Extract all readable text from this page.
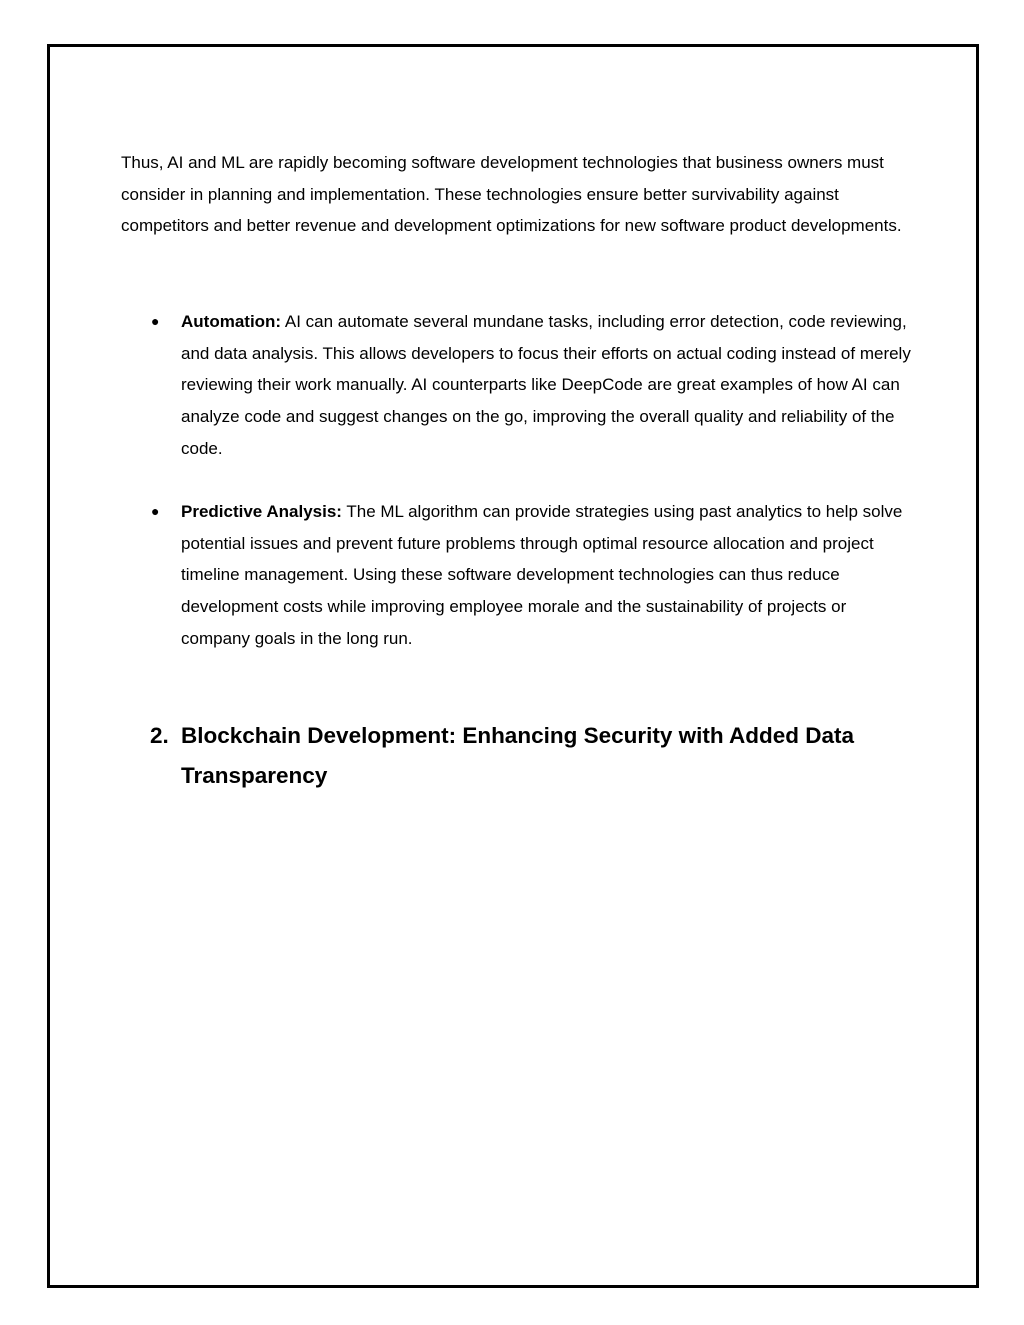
Thus, AI and ML are rapidly becoming software development technologies that business owners must consider in planning and implementation. These technologies ensure better survivability against competitors and better revenue and development optimizations for new software product developments.

●	Automation: AI can automate several mundane tasks, including error detection, code reviewing, and data analysis. This allows developers to focus their efforts on actual coding instead of merely reviewing their work manually. AI counterparts like DeepCode are great examples of how AI can analyze code and suggest changes on the go, improving the overall quality and reliability of the code.

●	Predictive Analysis: The ML algorithm can provide strategies using past analytics to help solve potential issues and prevent future problems through optimal resource allocation and project timeline management. Using these software development technologies can thus reduce development costs while improving employee morale and the sustainability of projects or company goals in the long run.

2. Blockchain Development: Enhancing Security with Added Data Transparency
